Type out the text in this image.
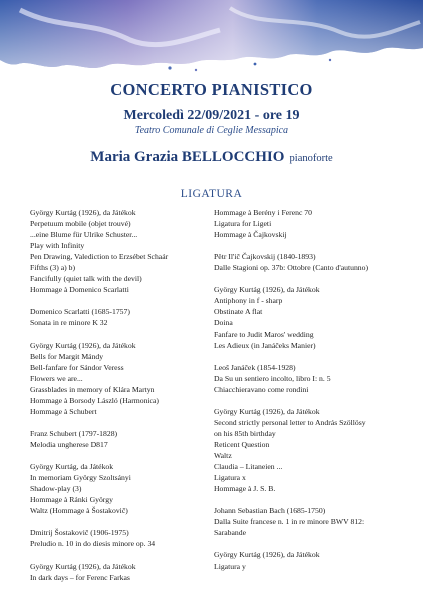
CONCERTO PIANISTICO
Mercoledì 22/09/2021 - ore 19
Teatro Comunale di Ceglie Messapica
Maria Grazia BELLOCCHIO pianoforte
LIGATURA
György Kurtág (1926), da Játékok
Perpetuum mobile (objet trouvé)
...eine Blume für Ulrike Schuster...
Play with Infinity
Pen Drawing, Valediction to Erzsébet Schaár
Fifths (3) a) b)
Fancifully (quiet talk with the devil)
Hommage à Domenico Scarlatti
Domenico Scarlatti (1685-1757)
Sonata in re minore K 32
György Kurtág (1926), da Játékok
Bells for Margit Mándy
Bell-fanfare for Sándor Veress
Flowers we are...
Grassblades in memory of Klára Martyn
Hommage à Borsody László (Harmonica)
Hommage à Schubert
Franz Schubert (1797-1828)
Melodia ungherese D817
György Kurtág, da Játékok
In memoriam György Szoltsányi
Shadow-play (3)
Hommage à Ránki György
Waltz (Hommage à Šostakovič)
Dmitrij Šostakovič (1906-1975)
Preludio n. 10 in do diesis minore op. 34
György Kurtág (1926), da Játékok
In dark days – for Ferenc Farkas
Hommage à Berény i Ferenc 70
Ligatura for Ligeti
Hommage à Čajkovskij
Pëtr Il'ič Čajkovskij (1840-1893)
Dalle Stagioni op. 37b: Ottobre (Canto d'autunno)
György Kurtág (1926), da Játékok
Antiphony in f - sharp
Obstinate A flat
Doina
Fanfare to Judit Maros' wedding
Les Adieux (in Janáčeks Manier)
Leoš Janáček (1854-1928)
Da Su un sentiero incolto, libro I: n. 5
Chiacchieravano come rondini
György Kurtág (1926), da Játékok
Second strictly personal letter to András Szöllösy
on his 85th birthday
Reticent Question
Waltz
Claudia – Litaneien ...
Ligatura x
Hommage à J. S. B.
Johann Sebastian Bach (1685-1750)
Dalla Suite francese n. 1 in re minore BWV 812:
Sarabande
György Kurtág (1926), da Játékok
Ligatura y
